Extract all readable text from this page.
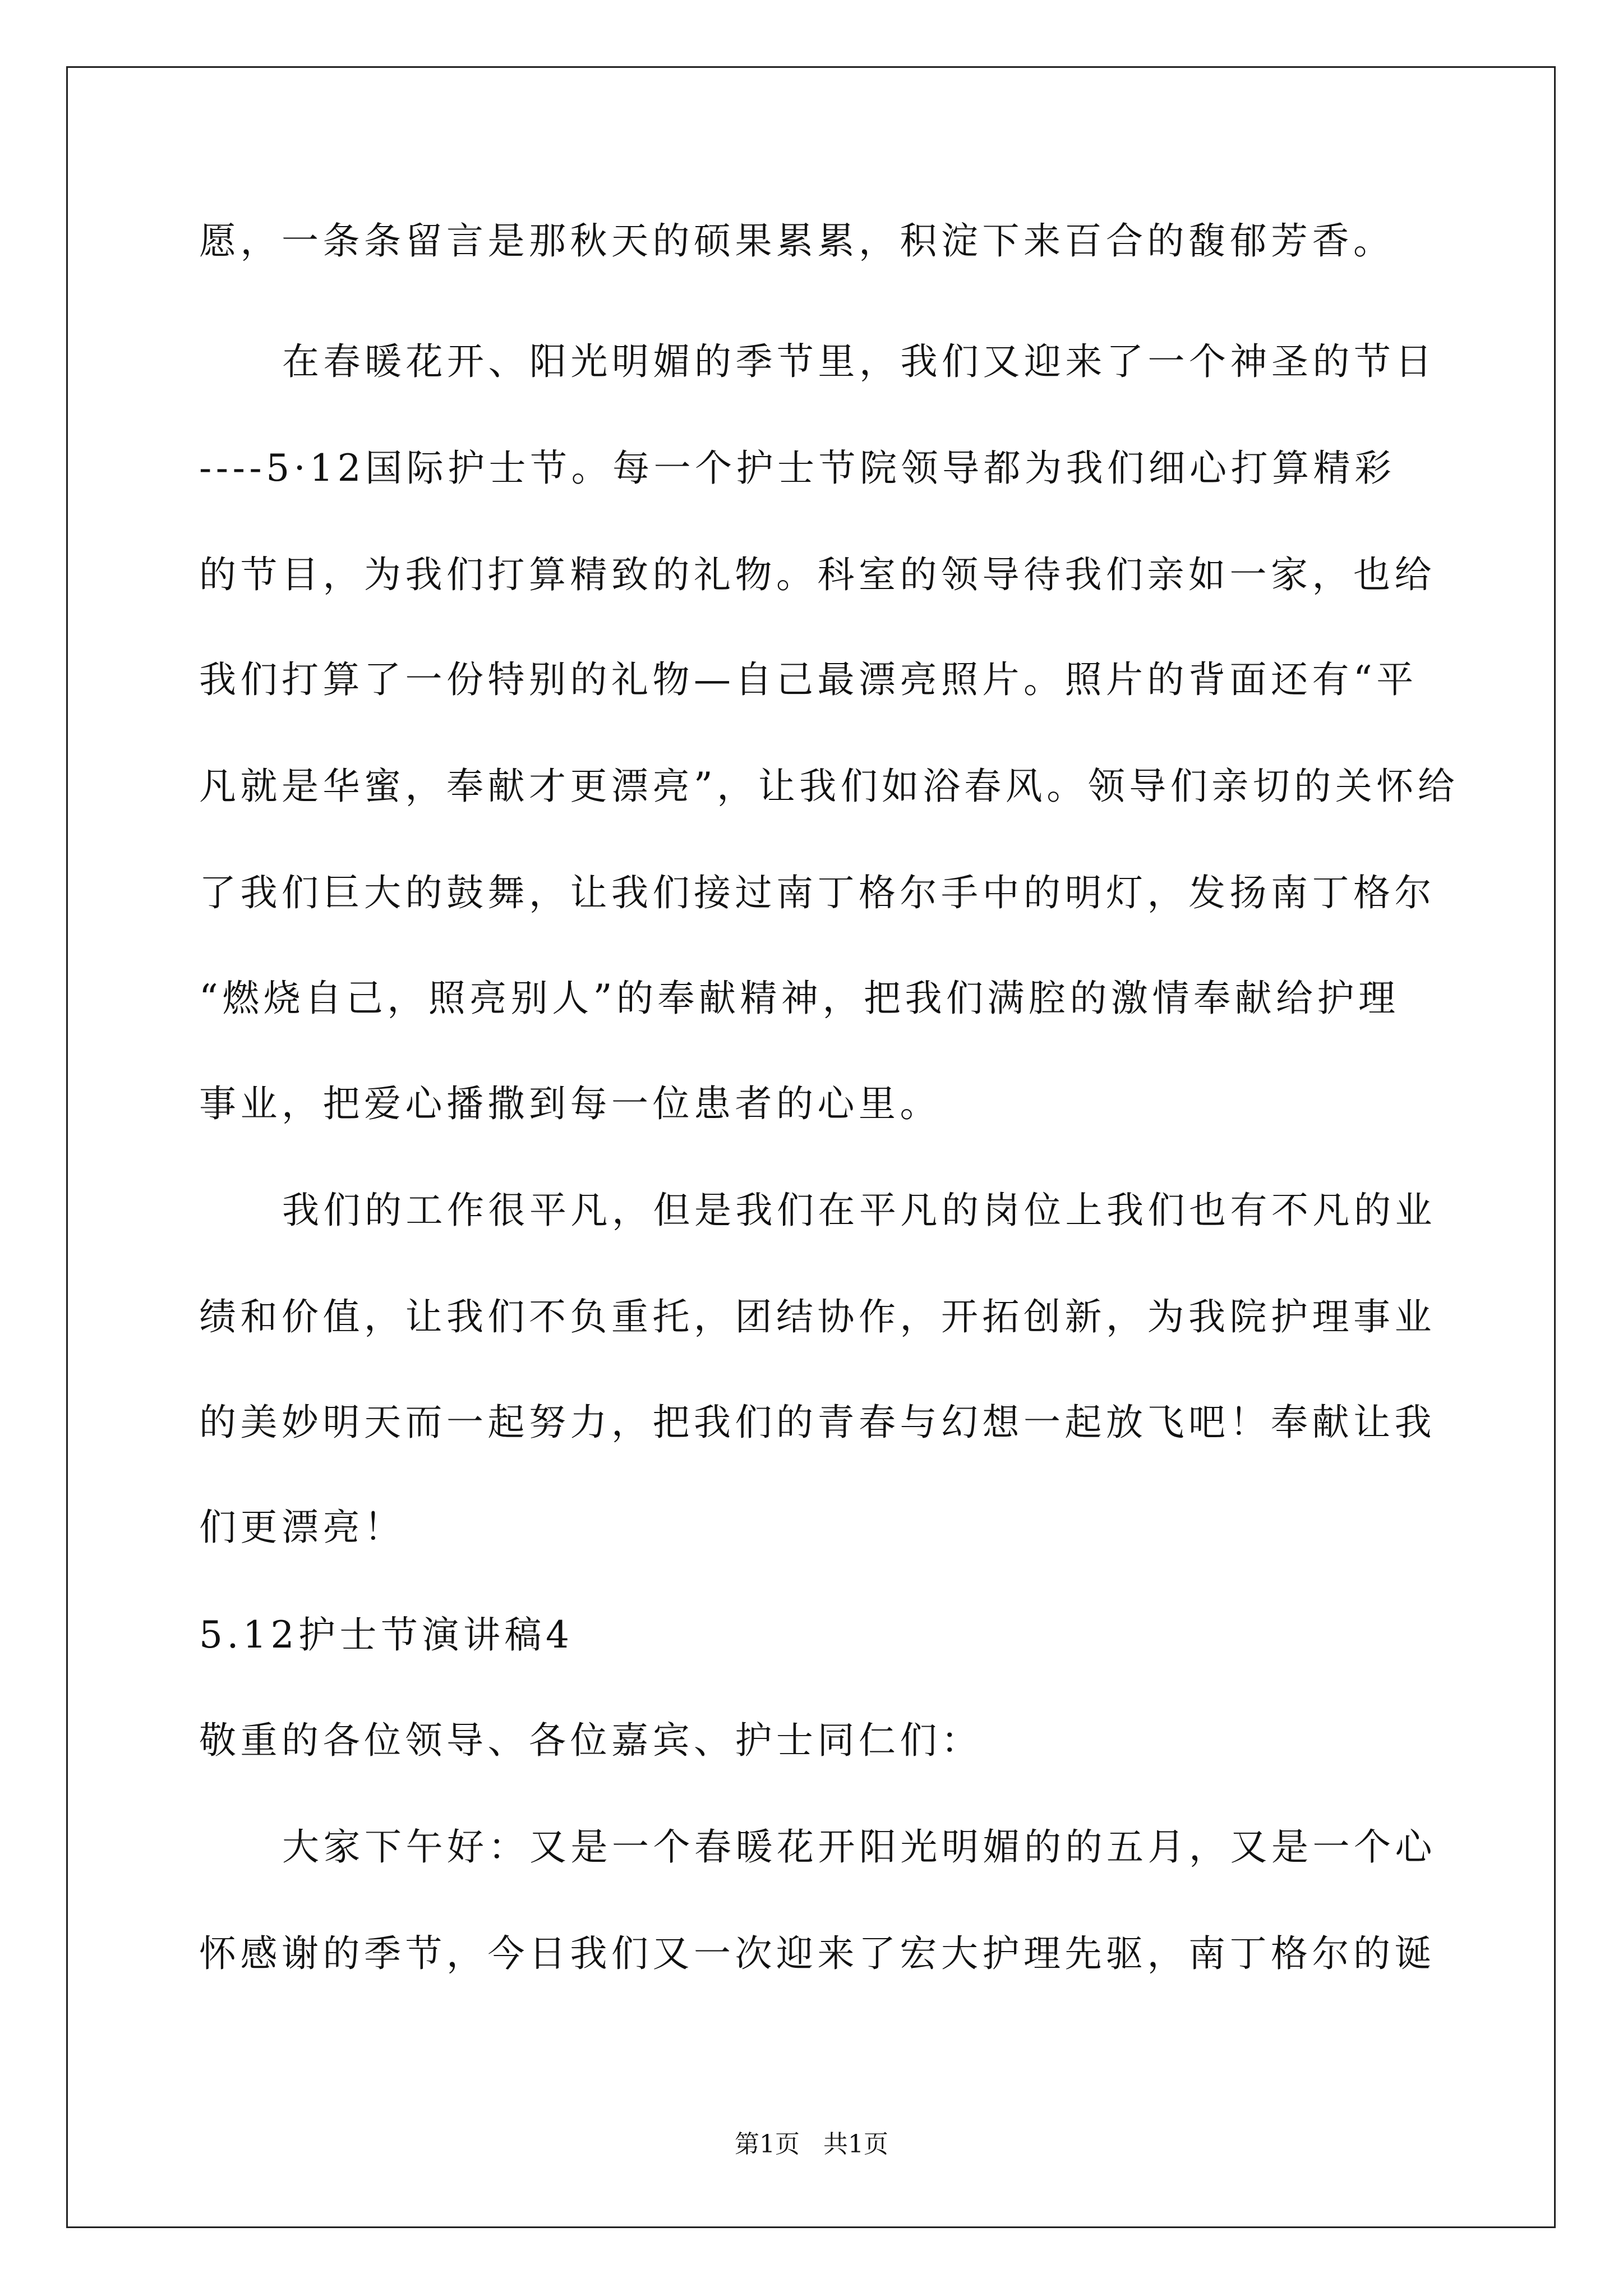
愿，一条条留言是那秋天的硕果累累，积淀下来百合的馥郁芳香。
在春暖花开、阳光明媚的季节里，我们又迎来了一个神圣的节日
----5·12国际护士节。每一个护士节院领导都为我们细心打算精彩
的节目，为我们打算精致的礼物。科室的领导待我们亲如一家，也给
我们打算了一份特别的礼物—自己最漂亮照片。照片的背面还有“平
凡就是华蜜，奉献才更漂亮”，让我们如浴春风。领导们亲切的关怀给
了我们巨大的鼓舞，让我们接过南丁格尔手中的明灯，发扬南丁格尔
“燃烧自己，照亮别人”的奉献精神，把我们满腔的激情奉献给护理
事业，把爱心播撒到每一位患者的心里。
我们的工作很平凡，但是我们在平凡的岗位上我们也有不凡的业
绩和价值，让我们不负重托，团结协作，开拓创新，为我院护理事业
的美妙明天而一起努力，把我们的青春与幻想一起放飞吧！奉献让我
们更漂亮！
5.12护士节演讲稿4
敬重的各位领导、各位嘉宾、护士同仁们：
大家下午好：又是一个春暖花开阳光明媚的的五月，又是一个心
怀感谢的季节，今日我们又一次迎来了宏大护理先驱，南丁格尔的诞
第1页   共1页
